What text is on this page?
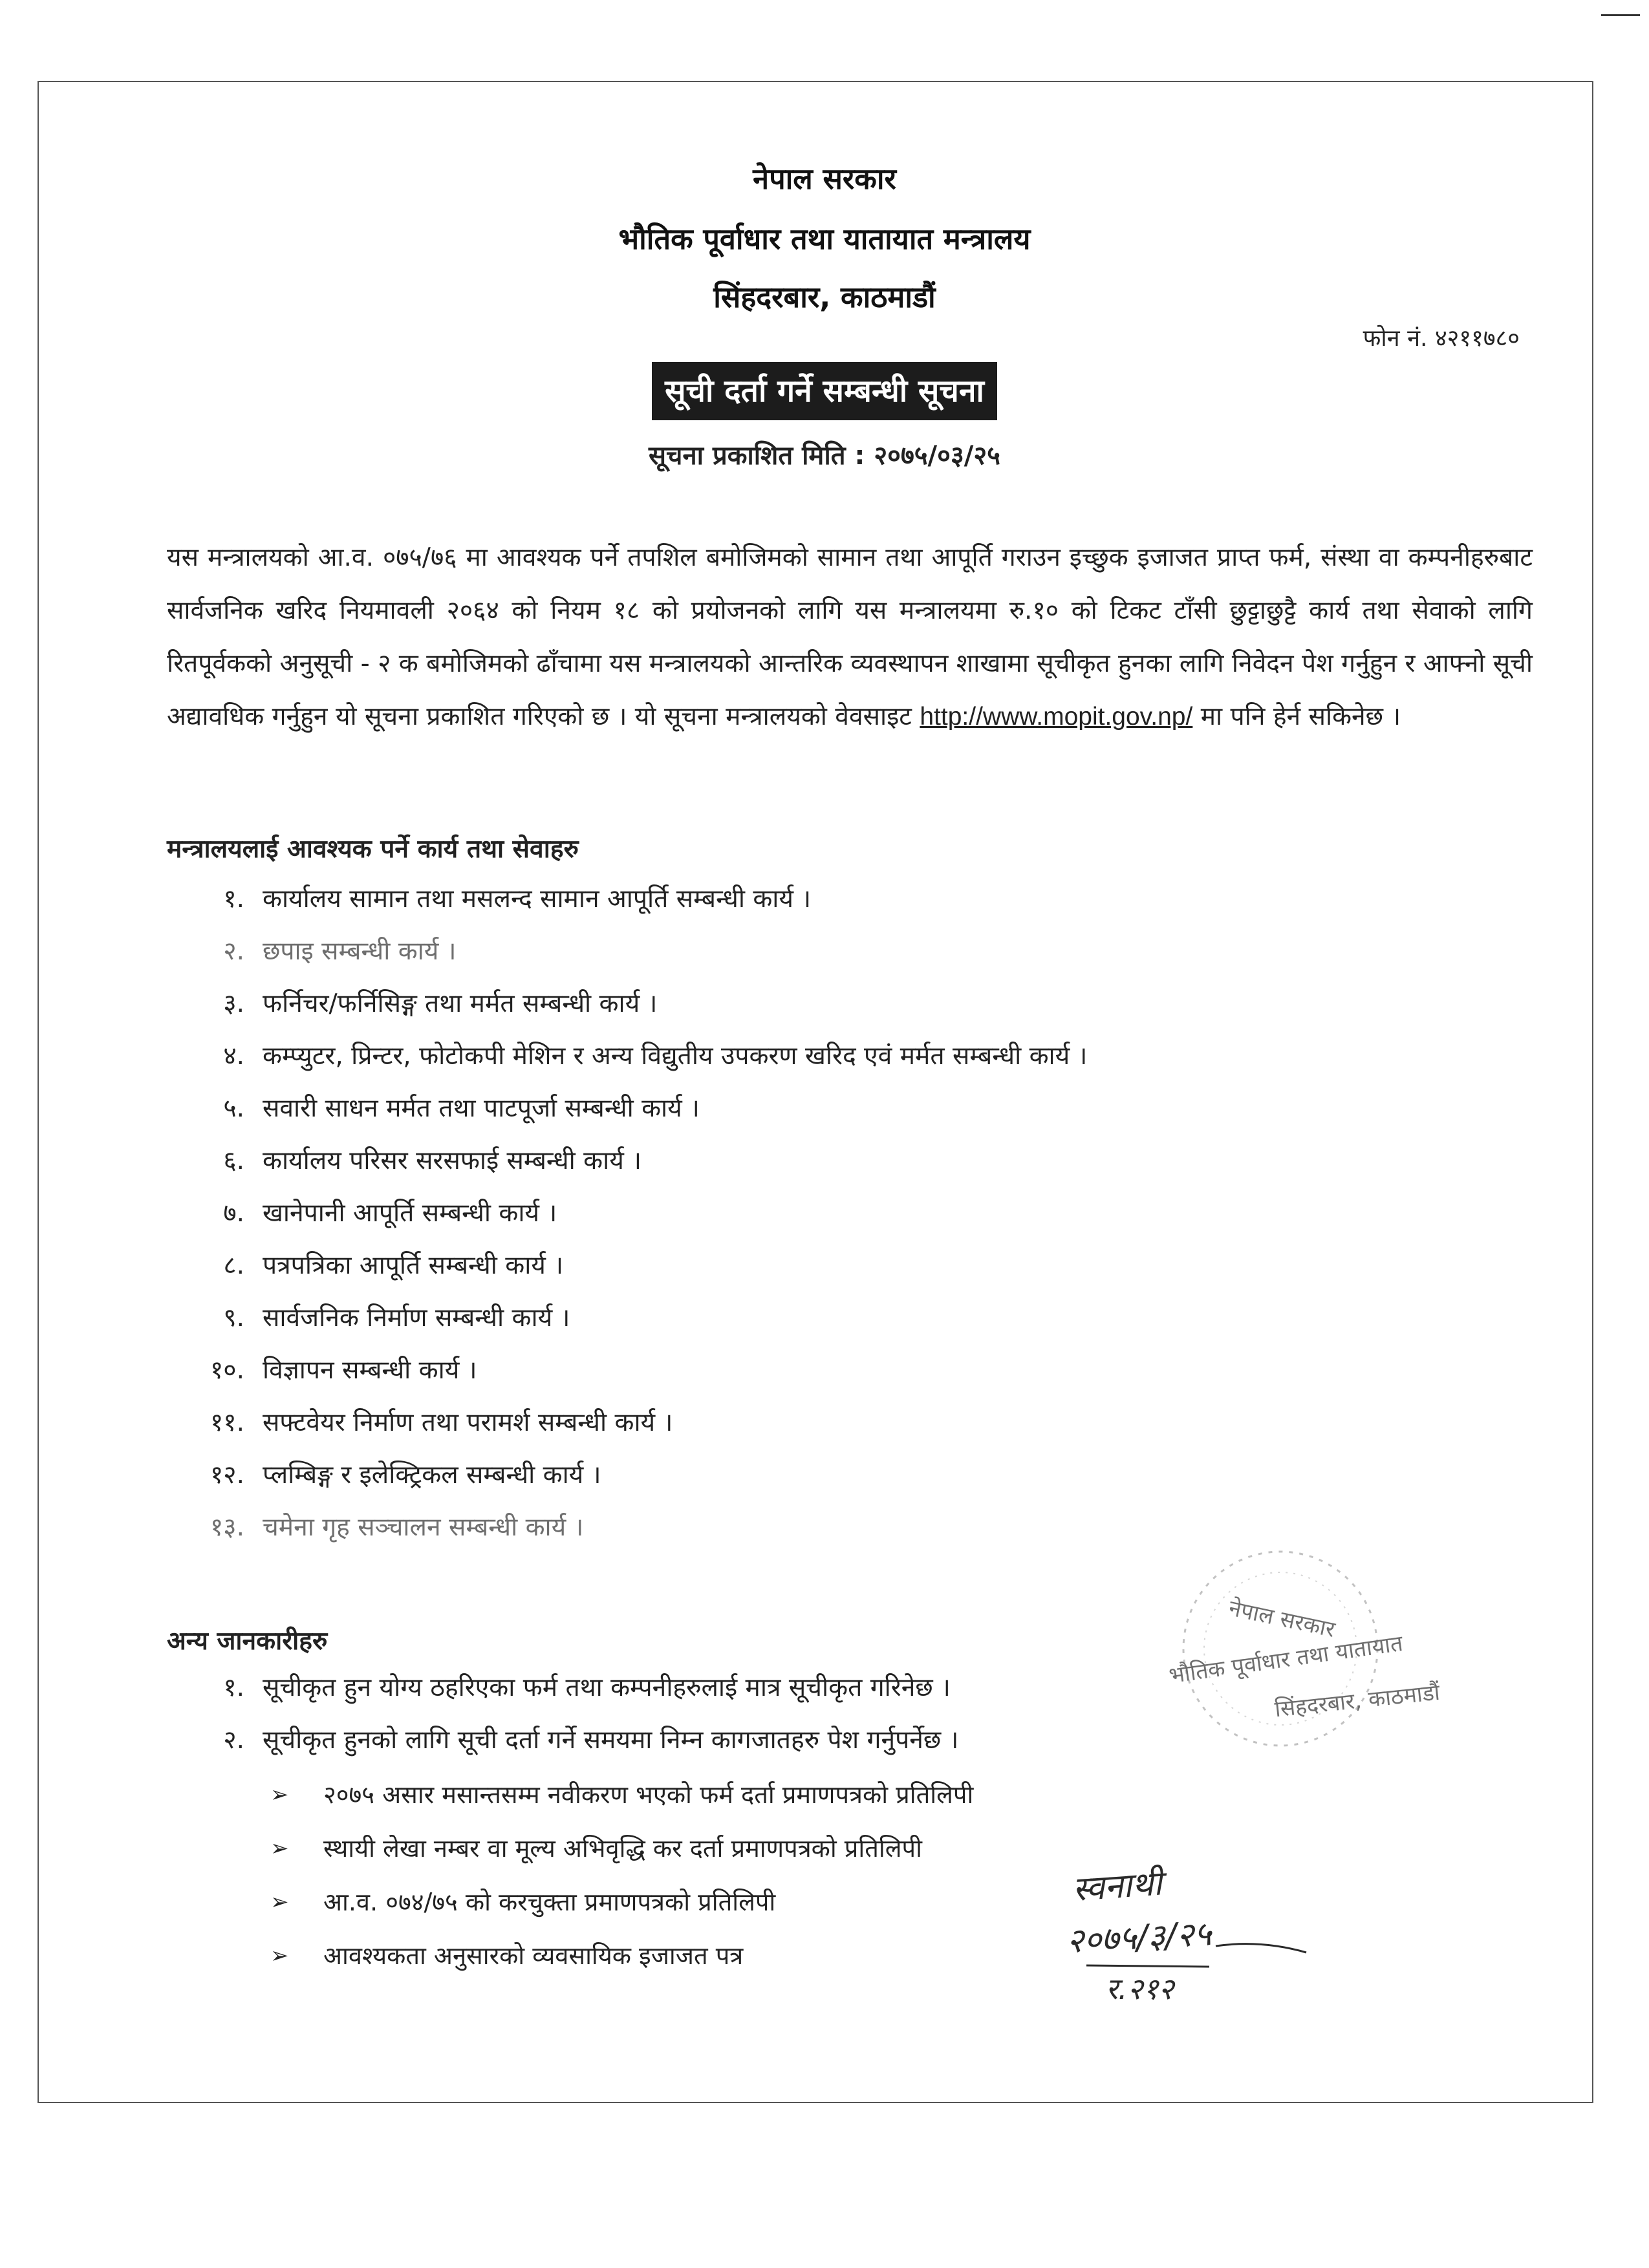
नेपाल सरकार
भौतिक पूर्वाधार तथा यातायात मन्त्रालय
सिंहदरबार, काठमाडौं
फोन नं. ४२११७८०
सूची दर्ता गर्ने सम्बन्धी सूचना
सूचना प्रकाशित मिति : २०७५/०३/२५
यस मन्त्रालयको आ.व. ०७५/७६ मा आवश्यक पर्ने तपशिल बमोजिमको सामान तथा आपूर्ति गराउन इच्छुक इजाजत प्राप्त फर्म, संस्था वा कम्पनीहरुबाट सार्वजनिक खरिद नियमावली २०६४ को नियम १८ को प्रयोजनको लागि यस मन्त्रालयमा रु.१० को टिकट टाँसी छुट्टाछुट्टै कार्य तथा सेवाको लागि रितपूर्वकको अनुसूची - २ क बमोजिमको ढाँचामा यस मन्त्रालयको आन्तरिक व्यवस्थापन शाखामा सूचीकृत हुनका लागि निवेदन पेश गर्नुहुन र आफ्नो सूची अद्यावधिक गर्नुहुन यो सूचना प्रकाशित गरिएको छ । यो सूचना मन्त्रालयको वेवसाइट http://www.mopit.gov.np/ मा पनि हेर्न सकिनेछ ।
मन्त्रालयलाई आवश्यक पर्ने कार्य तथा सेवाहरु
१. कार्यालय सामान तथा मसलन्द सामान आपूर्ति सम्बन्धी कार्य ।
२. छपाइ सम्बन्धी कार्य ।
३. फर्निचर/फर्निसिङ्ग तथा मर्मत सम्बन्धी कार्य ।
४. कम्प्युटर, प्रिन्टर, फोटोकपी मेशिन र अन्य विद्युतीय उपकरण खरिद एवं मर्मत सम्बन्धी कार्य ।
५. सवारी साधन मर्मत तथा पाटपूर्जा सम्बन्धी कार्य ।
६. कार्यालय परिसर सरसफाई सम्बन्धी कार्य ।
७. खानेपानी आपूर्ति सम्बन्धी कार्य ।
८. पत्रपत्रिका आपूर्ति सम्बन्धी कार्य ।
९. सार्वजनिक निर्माण सम्बन्धी कार्य ।
१०. विज्ञापन सम्बन्धी कार्य ।
११. सफ्टवेयर निर्माण तथा परामर्श सम्बन्धी कार्य ।
१२. प्लम्बिङ्ग र इलेक्ट्रिकल सम्बन्धी कार्य ।
१३. चमेना गृह सञ्चालन सम्बन्धी कार्य ।
नेपाल सरकार
भौतिक पूर्वाधार तथा यातायात
सिंहदरबार, काठमाडौं
अन्य जानकारीहरु
१. सूचीकृत हुन योग्य ठहरिएका फर्म तथा कम्पनीहरुलाई मात्र सूचीकृत गरिनेछ ।
२. सूचीकृत हुनको लागि सूची दर्ता गर्ने समयमा निम्न कागजातहरु पेश गर्नुपर्नेछ ।
➢ २०७५ असार मसान्तसम्म नवीकरण भएको फर्म दर्ता प्रमाणपत्रको प्रतिलिपी
➢ स्थायी लेखा नम्बर वा मूल्य अभिवृद्धि कर दर्ता प्रमाणपत्रको प्रतिलिपी
➢ आ.व. ०७४/७५ को करचुक्ता प्रमाणपत्रको प्रतिलिपी
➢ आवश्यकता अनुसारको व्यवसायिक इजाजत पत्र
स्वनाथी
२०७५/३/२५
र.२१२
